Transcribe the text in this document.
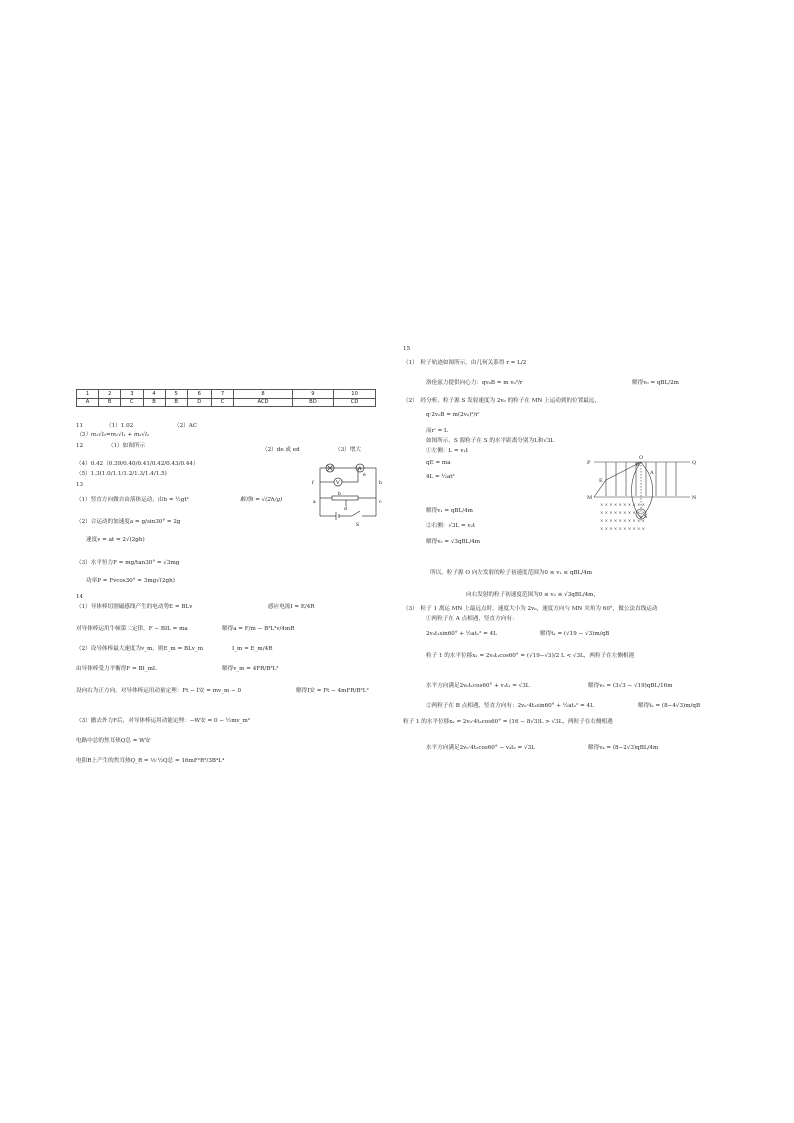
1	2	3	4	5	6	7	8	9	10
A	B	C	B	B	D	C	ACD	BD	CD
11	（1）1.02	（2）AC
（3）m₁√l₀=m₁√l₁ + m₂√l₂
12	（1）如图所示
（2）de 或 ed	（3）增大
（4）0.42（0.39/0.40/0.41/0.42/0.43/0.44）
（5）1.3(1.0/1.1/1.2/1.3/1.4/1.5)
13
（1）竖直方向做自由落体运动，由h = ½gt²	解得t = √(2h/g)
（2）合运动的加速度a = g/sin30° = 2g
速度v = at = 2√(2gh)
（3）水平恒力F = mg/tan30° = √3mg
功率P = Fvcos30° = 3mg√(2gh)
14
（1）导体棒切割磁感线产生的电动势E = BLv	感应电流I = E/4R
对导体棒运用牛顿第二定律，F − BIL = ma	解得a = F/m − B²L²v/4mR
（2）设导体棒最大速度为v_m，则E_m = BLv_m	I_m = E_m/4R
由导体棒受力平衡得F = BI_mL	解得v_m = 4FR/B²L²
设向右为正方向，对导体棒运用动量定理：Ft − İ安 = mv_m − 0	解得I安 = Ft − 4mFR/B²L²
（3）撤去外力F后，对导体棒运用动能定理：−W安 = 0 − ½mv_m²
电路中总的焦耳热Q总 = W安
电阻R上产生的焦耳热Q_R = ⅓·½Q总 = 16mF²R²/3B⁴L⁴
V
A
f	h
a
b
c
d
e
S
15
（1）　粒子轨迹如图所示，由几何关系得 r = L/2
洛伦兹力提供向心力：qv₀B = m v₀²/r	解得v₀ = qBL/2m
（2）　经分析，粒子源 S 发射速度为 2v₀ 的粒子在 MN 上运动到的位置最远，
q·2v₀B = m(2v₀)²/r'
而r' = L
如图所示，S 源粒子在 S 的水平距离分别为L和√3L
①左侧：L = v₁t
qE = ma
4L = ½at²
解得v₁ = qBL/4m
②右侧：√3L = v₂t
解得v₂ = √3qBL/4m
所以，粒子源 O 向左发射的粒子初速度范围为0 ≤ v₁ ≤ qBL/4m
向右发射的粒子初速度范围为0 ≤ v₂ ≤ √3qBL/4m，
（3）　粒子 1 离运 MN 上最远点时，速度大小为 2v₀，速度方向与 MN 夹角为 60°，做公法直线运动
①两粒子在 A 点相遇，竖直方向有：
2v₀t₁sin60° + ½at₁² = 4L	解得t₁ = (√19 − √3)m/qB
粒子 1 的水平位移x₁ = 2v₀t₁cos60° = (√19−√3)/2 L < √3L，两粒子在左侧相遇
水平方向满足2v₀t₁cos60° + v₃t₁ = √3L	解得v₃ = (3√3 − √19)qBL/16m
②两粒子在 B 点相遇，竖直方向有：2v₀·4t₂sin60° + ½at₂² = 4L	解得t₂ = (8−4√3)m/qB
粒子 1 的水平位移x₂ = 2v₀·4t₂cos60° = (16 − 8√3)L > √3L，两粒子在右侧相遇
水平方向满足2v₀·4t₂cos60° − v₄t₂ = √3L	解得v₄ = (8−2√3)qBL/4m
× × × × × × × × × ×
× × × × × × × × × ×
× × × × × × × × × ×
× × × × × × × × × ×
P	Q
M	N
O
E
B
A
S
